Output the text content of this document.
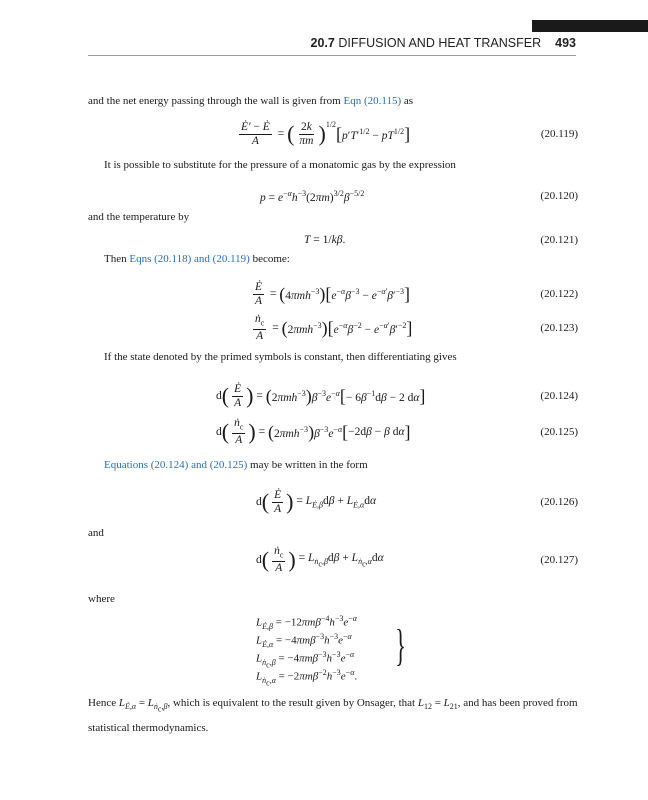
20.7 DIFFUSION AND HEAT TRANSFER 493
and the net energy passing through the wall is given from Eqn (20.115) as
$\frac{Ė' - Ė}{A}$ = ( $\frac{2k}{\pi m} )^{1/2}$ [ $p'T'^{1/2} - pT^{1/2}$ ]	(20.119)
It is possible to substitute for the pressure of a monatomic gas by the expression
$p = e^{-\alpha}h^{-3}(2\pi m)^{3/2}\beta^{-5/2}$	(20.120)
and the temperature by
T = 1/kβ.	(20.121)
Then Eqns (20.118) and (20.119) become:
$\frac{Ė}{A}$ = ( 4πmh$^{-3}$ ) [ $e^{-\alpha}\beta^{-3} - e^{-\alpha'}\beta'^{-3}$ ]	(20.122)
$\frac{ṅ_c}{A}$ = ( 2πmh$^{-3}$ ) [ $e^{-\alpha}\beta^{-2} - e^{-\alpha'}\beta'^{-2}$ ]	(20.123)
If the state denoted by the primed symbols is constant, then differentiating gives
d ( $\frac{Ė}{A}$ ) = ( 2πmh$^{-3}$ ) $\beta^{-3}e^{-\alpha}$ [ − $6\beta^{-1}d\beta - 2$ dα ]	(20.124)
d ( $\frac{ṅ_c}{A}$ ) = ( 2πmh$^{-3}$ ) $\beta^{-3}e^{-\alpha}$ [ −2dβ − β dα ]	(20.125)
Equations (20.124) and (20.125) may be written in the form
d ( $\frac{Ė}{A}$ ) = $L_{Ė,\beta}d\beta + L_{Ė,\alpha}d\alpha$	(20.126)
and
d ( $\frac{ṅ_c}{A}$ ) = $L_{ṅ_c,\beta}d\beta + L_{ṅ_c,\alpha}d\alpha$	(20.127)
where
$L_{Ė,\beta} = -12\pi m\beta^{-4}h^{-3}e^{-\alpha}$
$L_{Ė,\alpha} = -4\pi m\beta^{-3}h^{-3}e^{-\alpha}$
$L_{ṅ_c,\beta} = -4\pi m\beta^{-3}h^{-3}e^{-\alpha}$
$L_{ṅ_c,\alpha} = -2\pi m\beta^{-2}h^{-3}e^{-\alpha}$.
}
Hence $L_{Ė,\alpha} = L_{ṅ_c,\beta}$, which is equivalent to the result given by Onsager, that $L_{12} = L_{21}$, and has been proved from statistical thermodynamics.
